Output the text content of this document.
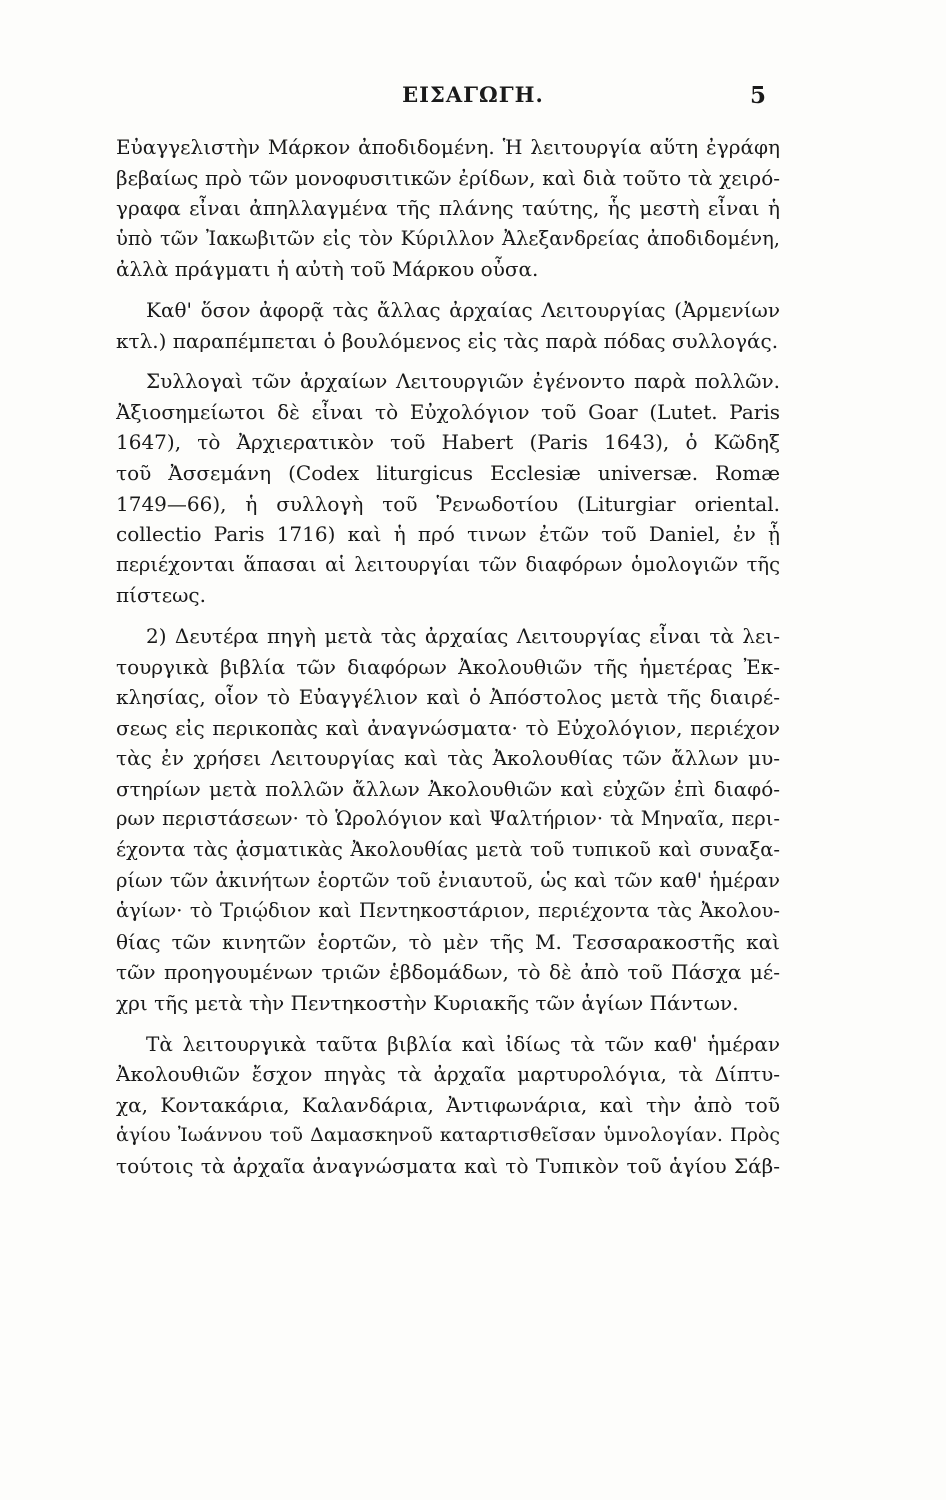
ΕΙΣΑΓΩΓΗ.	5
Εὐαγγελιστὴν Μάρκον ἀποδιδομένη. Ἡ λειτουργία αὕτη ἐγράφη
βεβαίως πρὸ τῶν μονοφυσιτικῶν ἐρίδων, καὶ διὰ τοῦτο τὰ χειρό-
γραφα εἶναι ἀπηλλαγμένα τῆς πλάνης ταύτης, ἧς μεστὴ εἶναι ἡ
ὑπὸ τῶν Ἰακωβιτῶν εἰς τὸν Κύριλλον Ἀλεξανδρείας ἀποδιδομένη,
ἀλλὰ πράγματι ἡ αὐτὴ τοῦ Μάρκου οὖσα.
Καθ' ὅσον ἀφορᾷ τὰς ἄλλας ἀρχαίας Λειτουργίας (Ἀρμενίων
κτλ.) παραπέμπεται ὁ βουλόμενος εἰς τὰς παρὰ πόδας συλλογάς.
Συλλογαὶ τῶν ἀρχαίων Λειτουργιῶν ἐγένοντο παρὰ πολλῶν.
Ἀξιοσημείωτοι δὲ εἶναι τὸ Εὐχολόγιον τοῦ Goar (Lutet. Paris
1647), τὸ Ἀρχιερατικὸν τοῦ Habert (Paris 1643), ὁ Κῶδηξ
τοῦ Ἀσσεμάνη (Codex liturgicus Ecclesiæ universæ. Romæ
1749—66), ἡ συλλογὴ τοῦ Ῥενωδοτίου (Liturgiar oriental.
collectio Paris 1716) καὶ ἡ πρό τινων ἐτῶν τοῦ Daniel, ἐν ᾗ
περιέχονται ἅπασαι αἱ λειτουργίαι τῶν διαφόρων ὁμολογιῶν τῆς
πίστεως.
2) Δευτέρα πηγὴ μετὰ τὰς ἀρχαίας Λειτουργίας εἶναι τὰ λει-
τουργικὰ βιβλία τῶν διαφόρων Ἀκολουθιῶν τῆς ἡμετέρας Ἐκ-
κλησίας, οἷον τὸ Εὐαγγέλιον καὶ ὁ Ἀπόστολος μετὰ τῆς διαιρέ-
σεως εἰς περικοπὰς καὶ ἀναγνώσματα· τὸ Εὐχολόγιον, περιέχον
τὰς ἐν χρήσει Λειτουργίας καὶ τὰς Ἀκολουθίας τῶν ἄλλων μυ-
στηρίων μετὰ πολλῶν ἄλλων Ἀκολουθιῶν καὶ εὐχῶν ἐπὶ διαφό-
ρων περιστάσεων· τὸ Ὡρολόγιον καὶ Ψαλτήριον· τὰ Μηναῖα, περι-
έχοντα τὰς ᾀσματικὰς Ἀκολουθίας μετὰ τοῦ τυπικοῦ καὶ συναξα-
ρίων τῶν ἀκινήτων ἑορτῶν τοῦ ἐνιαυτοῦ, ὡς καὶ τῶν καθ' ἡμέραν
ἁγίων· τὸ Τριῴδιον καὶ Πεντηκοστάριον, περιέχοντα τὰς Ἀκολου-
θίας τῶν κινητῶν ἑορτῶν, τὸ μὲν τῆς Μ. Τεσσαρακοστῆς καὶ
τῶν προηγουμένων τριῶν ἑβδομάδων, τὸ δὲ ἀπὸ τοῦ Πάσχα μέ-
χρι τῆς μετὰ τὴν Πεντηκοστὴν Κυριακῆς τῶν ἁγίων Πάντων.
Τὰ λειτουργικὰ ταῦτα βιβλία καὶ ἰδίως τὰ τῶν καθ' ἡμέραν
Ἀκολουθιῶν ἔσχον πηγὰς τὰ ἀρχαῖα μαρτυρολόγια, τὰ Δίπτυ-
χα, Κοντακάρια, Καλανδάρια, Ἀντιφωνάρια, καὶ τὴν ἀπὸ τοῦ
ἁγίου Ἰωάννου τοῦ Δαμασκηνοῦ καταρτισθεῖσαν ὑμνολογίαν. Πρὸς
τούτοις τὰ ἀρχαῖα ἀναγνώσματα καὶ τὸ Τυπικὸν τοῦ ἁγίου Σάβ-
